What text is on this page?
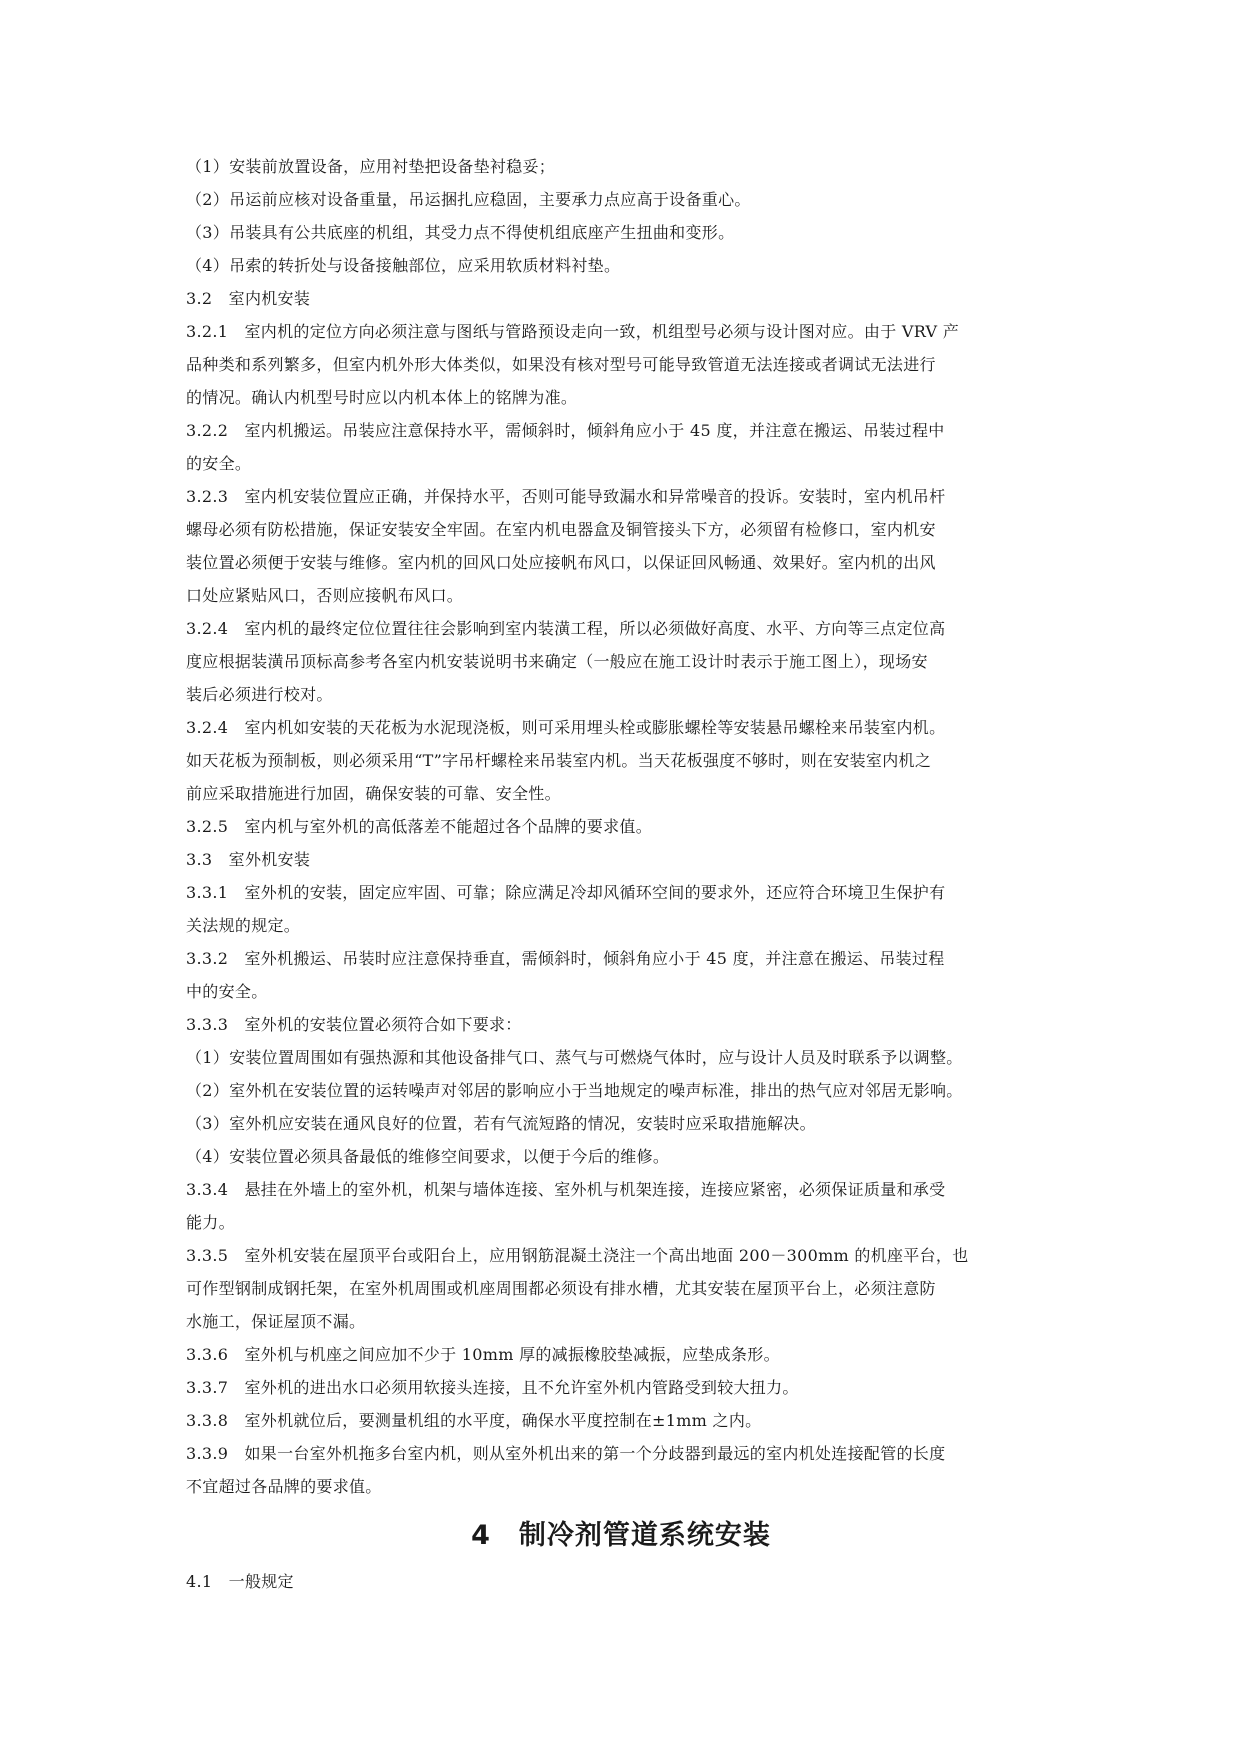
（1）安装前放置设备，应用衬垫把设备垫衬稳妥；
（2）吊运前应核对设备重量，吊运捆扎应稳固，主要承力点应高于设备重心。
（3）吊装具有公共底座的机组，其受力点不得使机组底座产生扭曲和变形。
（4）吊索的转折处与设备接触部位，应采用软质材料衬垫。
3.2　室内机安装
3.2.1　室内机的定位方向必须注意与图纸与管路预设走向一致，机组型号必须与设计图对应。由于 VRV 产
品种类和系列繁多，但室内机外形大体类似，如果没有核对型号可能导致管道无法连接或者调试无法进行
的情况。确认内机型号时应以内机本体上的铭牌为准。
3.2.2　室内机搬运。吊装应注意保持水平，需倾斜时，倾斜角应小于 45 度，并注意在搬运、吊装过程中
的安全。
3.2.3　室内机安装位置应正确，并保持水平，否则可能导致漏水和异常噪音的投诉。安装时，室内机吊杆
螺母必须有防松措施，保证安装安全牢固。在室内机电器盒及铜管接头下方，必须留有检修口，室内机安
装位置必须便于安装与维修。室内机的回风口处应接帆布风口，以保证回风畅通、效果好。室内机的出风
口处应紧贴风口，否则应接帆布风口。
3.2.4　室内机的最终定位位置往往会影响到室内装潢工程，所以必须做好高度、水平、方向等三点定位高
度应根据装潢吊顶标高参考各室内机安装说明书来确定（一般应在施工设计时表示于施工图上），现场安
装后必须进行校对。
3.2.4　室内机如安装的天花板为水泥现浇板，则可采用埋头栓或膨胀螺栓等安装悬吊螺栓来吊装室内机。
如天花板为预制板，则必须采用“T”字吊杆螺栓来吊装室内机。当天花板强度不够时，则在安装室内机之
前应采取措施进行加固，确保安装的可靠、安全性。
3.2.5　室内机与室外机的高低落差不能超过各个品牌的要求值。
3.3　室外机安装
3.3.1　室外机的安装，固定应牢固、可靠；除应满足冷却风循环空间的要求外，还应符合环境卫生保护有
关法规的规定。
3.3.2　室外机搬运、吊装时应注意保持垂直，需倾斜时，倾斜角应小于 45 度，并注意在搬运、吊装过程
中的安全。
3.3.3　室外机的安装位置必须符合如下要求：
（1）安装位置周围如有强热源和其他设备排气口、蒸气与可燃烧气体时，应与设计人员及时联系予以调整。
（2）室外机在安装位置的运转噪声对邻居的影响应小于当地规定的噪声标准，排出的热气应对邻居无影响。
（3）室外机应安装在通风良好的位置，若有气流短路的情况，安装时应采取措施解决。
（4）安装位置必须具备最低的维修空间要求，以便于今后的维修。
3.3.4　悬挂在外墙上的室外机，机架与墙体连接、室外机与机架连接，连接应紧密，必须保证质量和承受
能力。
3.3.5　室外机安装在屋顶平台或阳台上，应用钢筋混凝土浇注一个高出地面 200－300mm 的机座平台，也
可作型钢制成钢托架，在室外机周围或机座周围都必须设有排水槽，尤其安装在屋顶平台上，必须注意防
水施工，保证屋顶不漏。
3.3.6　室外机与机座之间应加不少于 10mm 厚的减振橡胶垫减振，应垫成条形。
3.3.7　室外机的进出水口必须用软接头连接，且不允许室外机内管路受到较大扭力。
3.3.8　室外机就位后，要测量机组的水平度，确保水平度控制在±1mm 之内。
3.3.9　如果一台室外机拖多台室内机，则从室外机出来的第一个分歧器到最远的室内机处连接配管的长度
不宜超过各品牌的要求值。
4　制冷剂管道系统安装
4.1　一般规定
